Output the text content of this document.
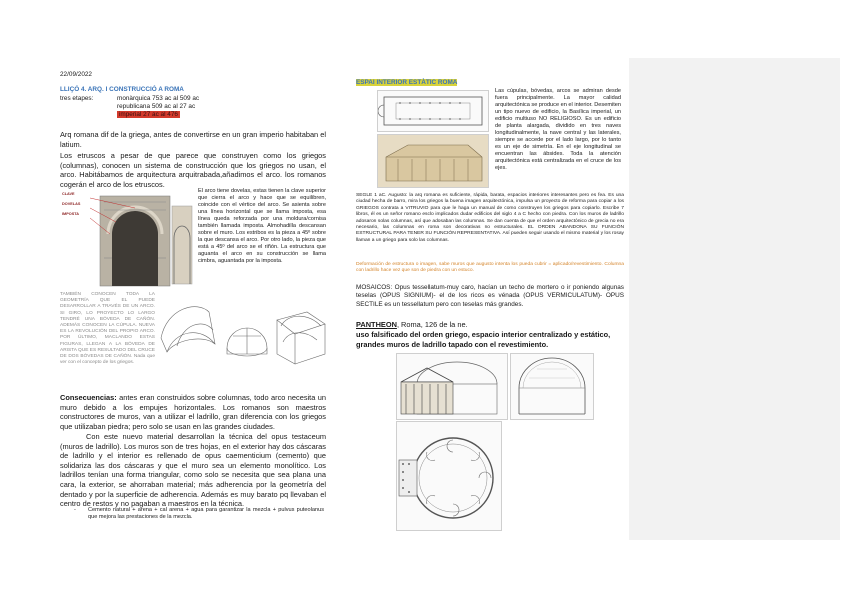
22/09/2022
LLIÇÓ 4. ARQ. I CONSTRUCCIÓ A ROMA
tres etapes:	monàrquica 753 ac al 509 ac
republicana 509 ac al 27 ac
imperial 27 ac al 476
Arq romana dif de la griega, antes de convertirse en un gran imperio habitaban el latium.
Los etruscos a pesar de que parece que construyen como los griegos (columnas), conocen un sistema de construcción que los griegos no usan, el arco. Habitábamos de arquitectura arquitrabada,añadimos el arco. los romanos cogerán el arco de los etruscos.
CLAVE
DOVELAS
IMPOSTA
El arco tiene dovelas, estas tienen la clave superior que cierra el arco y hace que se equilibren, coincide con el vértice del arco. Se asienta sobre una línea horizontal que se llama imposta, esa línea queda reforzada por una moldura/cornisa también llamada imposta. Almohadilla descansan sobre el muro. Los estribos es la pieza a 45º sobre la que descansa el arco. Por otro lado, la pieza que está a 45º del arco se el riñón. La estructura que aguanta el arco en su construcción se llama cimbra, aguantada por la imposta.
TAMBIÉN CONOCEN TODA LA GEOMETRÍA QUE EL PUEDE DESARROLLAR A TRAVÉS DE UN ARCO. SI GIRO, LO PROYECTO LO LARGO TENDRÉ UNA BÓVEDA DE CAÑÓN. ADEMÁS CONOCEN LA CÚPULA. NUEVA ES LA REVOLUCIÓN DEL PROPIO ARCO. POR ÚLTIMO, MACLANDO ESTAS FIGURAS, LLEGAN A LA BÓVEDA DE ARISTA QUE ES RESULTADO DEL CRUCE DE DOS BÓVEDAS DE CAÑÓN. Nada que ver con el concepto de los griegos.
Consecuencias: antes eran construidos sobre columnas, todo arco necesita un muro debido a los empujes horizontales. Los romanos son maestros constructores de muros, van a utilizar el ladrillo, gran diferencia con los griegos que utilizaban piedra; pero solo se usan en las grandes ciudades.
Con este nuevo material desarrollan la técnica del opus testaceum (muros de ladrillo). Los muros son de tres hojas, en el exterior hay dos cáscaras de ladrillo y el interior es rellenado de opus caementicium (cemento) que solidariza las dos cáscaras y que el muro sea un elemento monolítico. Los ladrillos tenían una forma triangular, como solo se necesita que sea plana una cara, la exterior, se ahorraban material; más adherencia por la geometría del dentado y por la superficie de adherencia. Además es muy barato pq llevaban el centro de restos y no pagaban a maestros en la técnica.
- Cemento natural + arena + cal arena + agua para garantizar la mezcla + pulvus puteolanus que mejora las prestaciones de la mezcla.
ESPAI INTERIOR ESTÀTIC ROMA
Las cúpulas, bóvedas, arcos se admiran desde fuera principalmente. La mayor calidad arquitectónica se produce en el interior. Desemiten un tipo nuevo de edificio, la Basílica imperial, un edificio multiuso NO RELIGIOSO. Es un edificio de planta alargada, dividido en tres naves longitudinalmente, la nave central y las laterales, siempre se accede por el lado largo, por lo tanto es un eje de simetría. En el eje longitudinal se encuentran las ábsides. Toda la atención arquitectónica está centralizada en el cruce de los ejes.
SEGLE 1 aC. Augusto: la arq romana es suficiente, rápida, barata, espacios interiores interesantes pero es fea. Es una ciudad hecha de barro, mira los griegos la buena imagen arquitectónica, impulsa un proyecto de reforma para copiar a los GRIEGOS contrata a VITRUVIO para que le haga un manual de como construyen los griegos para copiarlo. Escribe 7 libros, él es un señor romano esclo implicados dudar edificios del siglo 4 a C hecho con piedra. Con los muros de ladrillo adosaron solas columnas, así que adosaban las columnas. Se dan cuenta de que el orden arquitectónico de grecia no era necesario, las columnas en roma son decorativas no estructurales. EL ORDEN ABANDONA SU FUNCIÓN ESTRUCTURAL PARA TENER SU FUNCIÓN REPRESENTATIVA. Así pueden seguir usando el mismo material y los rosay llaman a un griego para solo las columnas.
Deformación de estructura o imagen, sabe muros que augusto intenta los pueda cubrir = aplicado/revestimiento. Columna con ladrillo hace vez que son de piedra con un estuco.
MOSAICOS: Opus tessellatum-muy caro, hacían un techo de mortero o ir poniendo algunas teselas (OPUS SIGNIUM)- el de los ricos es vénada (OPUS VERMICULATUM)- OPUS SECTILE es un tessellatum pero con teselas más grandes.
PANTHEON, Roma, 126 de la ne.
uso falsificado del orden griego, espacio interior centralizado y estático, grandes muros de ladrillo tapado con el revestimiento.
